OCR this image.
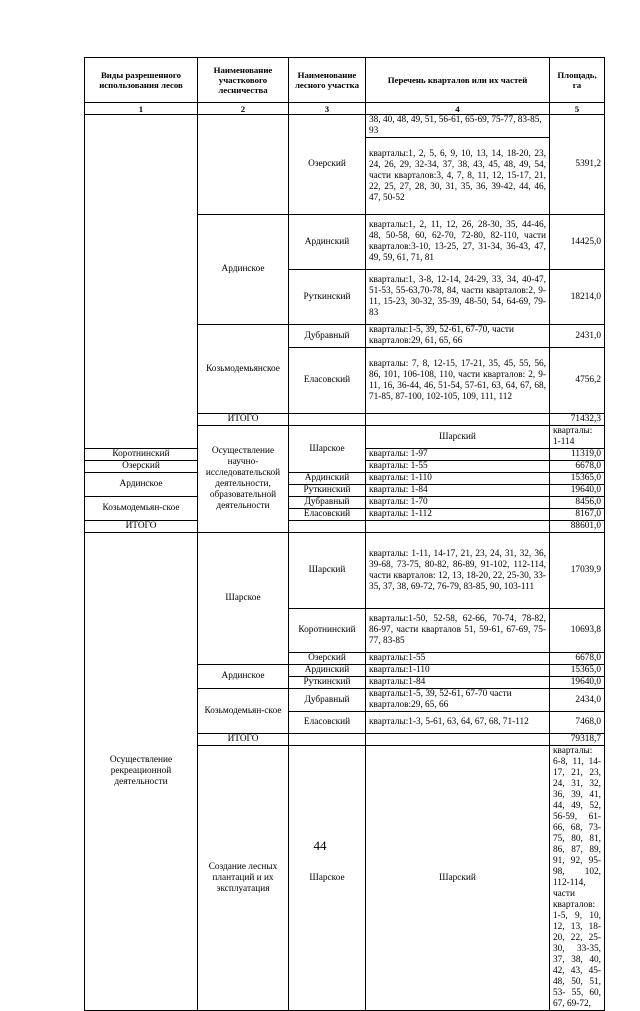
Виды разрешенного использования лесов	Наименование участкового лесничества	Наименование лесного участка	Перечень кварталов или их частей	Площадь, га	
1	2	3	4	5	
		Озерский	38, 40, 48, 49, 51, 56-61, 65-69, 75-77, 83-85, 93	5391,2	
			кварталы:1, 2, 5, 6, 9, 10, 13, 14, 18-20, 23, 24, 26, 29, 32-34, 37, 38, 43, 45, 48, 49, 54, части кварталов:3, 4, 7, 8, 11, 12, 15-17, 21, 22, 25, 27, 28, 30, 31, 35, 36, 39-42, 44, 46, 47, 50-52		
	Ардинское	Ардинский	кварталы:1, 2, 11, 12, 26, 28-30, 35, 44-46, 48, 50-58, 60, 62-70, 72-80, 82-110, части кварталов:3-10, 13-25, 27, 31-34, 36-43, 47, 49, 59, 61, 71, 81	14425,0	
		Руткинский	кварталы:1, 3-8, 12-14, 24-29, 33, 34, 40-47, 51-53, 55-63,70-78, 84, части кварталов:2, 9-11, 15-23, 30-32, 35-39, 48-50, 54, 64-69, 79-83	18214,0	
	Козьмодемьянское	Дубравный	кварталы:1-5, 39, 52-61, 67-70, части кварталов:29, 61, 65, 66	2431,0	
		Еласовский	кварталы: 7, 8, 12-15, 17-21, 35, 45, 55, 56, 86, 101, 106-108, 110, части кварталов: 2, 9-11, 16, 36-44, 46, 51-54, 57-61, 63, 64, 67, 68, 71-85, 87-100, 102-105, 109, 111, 112	4756,2	
	ИТОГО			71432,3	
	Осуществление научно-исследовательской деятельности, образовательной деятельности	Шарское	Шарский	кварталы: 1-114	
Коротнинский			кварталы: 1-97	11319,0	
Озерский			кварталы: 1-55	6678,0	
Ардинское		Ардинский	кварталы: 1-110	15365,0	
		Руткинский	кварталы: 1-84	19640,0	
Козьмодемьян-ское		Дубравный	кварталы: 1-70	8456,0	
		Еласовский	кварталы: 1-112	8167,0	
ИТОГО				88601,0	
Осуществление рекреационной деятельности	Шарское	Шарский	кварталы: 1-11, 14-17, 21, 23, 24, 31, 32, 36, 39-68, 73-75, 80-82, 86-89, 91-102, 112-114, части кварталов: 12, 13, 18-20, 22, 25-30, 33-35, 37, 38, 69-72, 76-79, 83-85, 90, 103-111	17039,9	
		Коротнинский	кварталы:1-50, 52-58, 62-66, 70-74, 78-82, 86-97, части кварталов 51, 59-61, 67-69, 75-77, 83-85	10693,8	
		Озерский	кварталы:1-55	6678,0	
	Ардинское	Ардинский	кварталы:1-110	15365,0	
		Руткинский	кварталы:1-84	19640,0	
	Козьмодемьян-ское	Дубравный	кварталы:1-5, 39, 52-61, 67-70 части кварталов:29, 65, 66	2434,0	
		Еласовский	кварталы:1-3, 5-61, 63, 64, 67, 68, 71-112	7468,0	
	ИТОГО			79318,7	
	Создание лесных плантаций и их эксплуатация	Шарское	Шарский	кварталы: 6-8, 11, 14-17, 21, 23, 24, 31, 32, 36, 39, 41, 44, 49, 52, 56-59, 61-66, 68, 73-75, 80, 81, 86, 87, 89, 91, 92, 95-98, 102, 112-114, части кварталов: 1-5, 9, 10, 12, 13, 18-20, 22, 25-30, 33-35, 37, 38, 40, 42, 43, 45-48, 50, 51, 53- 55, 60, 67, 69-72,	
44
